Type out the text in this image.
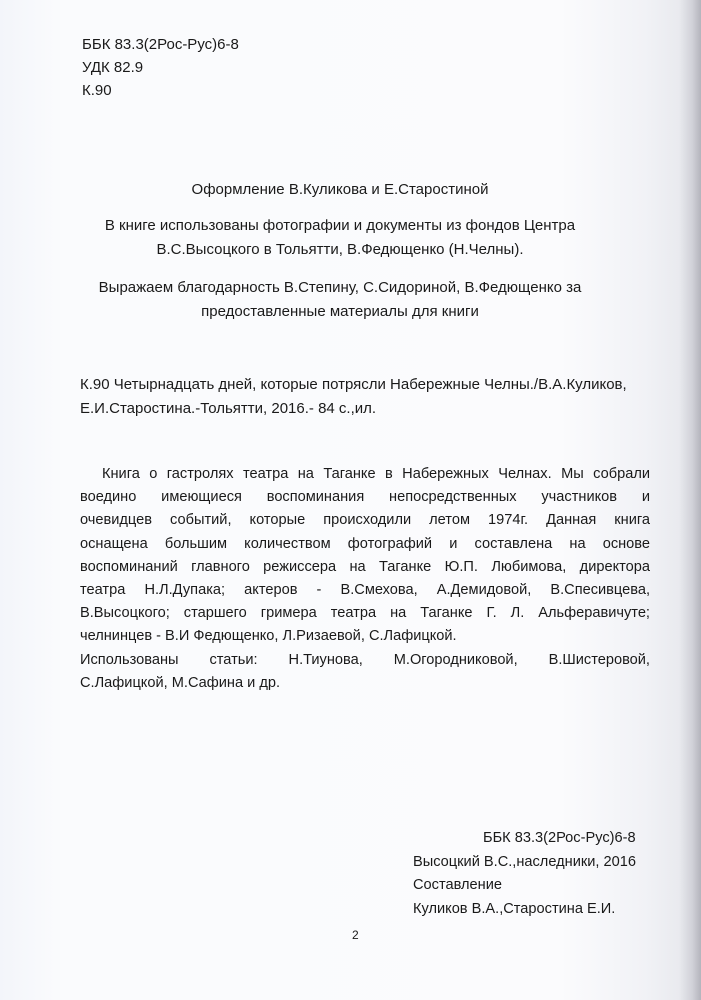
ББК 83.3(2Рос-Рус)6-8
УДК 82.9
К.90
Оформление В.Куликова и Е.Старостиной
В книге использованы фотографии и документы из фондов Центра
В.С.Высоцкого в Тольятти, В.Федющенко (Н.Челны).
Выражаем благодарность В.Степину, С.Сидориной, В.Федющенко за
предоставленные материалы для книги
К.90 Четырнадцать дней, которые потрясли Набережные Челны./В.А.Куликов,
Е.И.Старостина.-Тольятти, 2016.- 84 с.,ил.
Книга о гастролях театра на Таганке в Набережных Челнах. Мы собрали
воедино имеющиеся воспоминания непосредственных участников и
очевидцев событий, которые происходили летом 1974г. Данная книга
оснащена большим количеством фотографий и составлена на основе
воспоминаний главного режиссера на Таганке Ю.П. Любимова, директора
театра Н.Л.Дупака; актеров - В.Смехова, А.Демидовой, В.Спесивцева,
В.Высоцкого; старшего гримера театра на Таганке Г. Л. Альферавичуте;
челнинцев - В.И Федющенко, Л.Ризаевой, С.Лафицкой.
Использованы статьи: Н.Тиунова, М.Огородниковой, В.Шистеровой,
С.Лафицкой, М.Сафина и др.
ББК 83.3(2Рос-Рус)6-8
Высоцкий В.С.,наследники, 2016
Составление
Куликов В.А.,Старостина Е.И.
2
